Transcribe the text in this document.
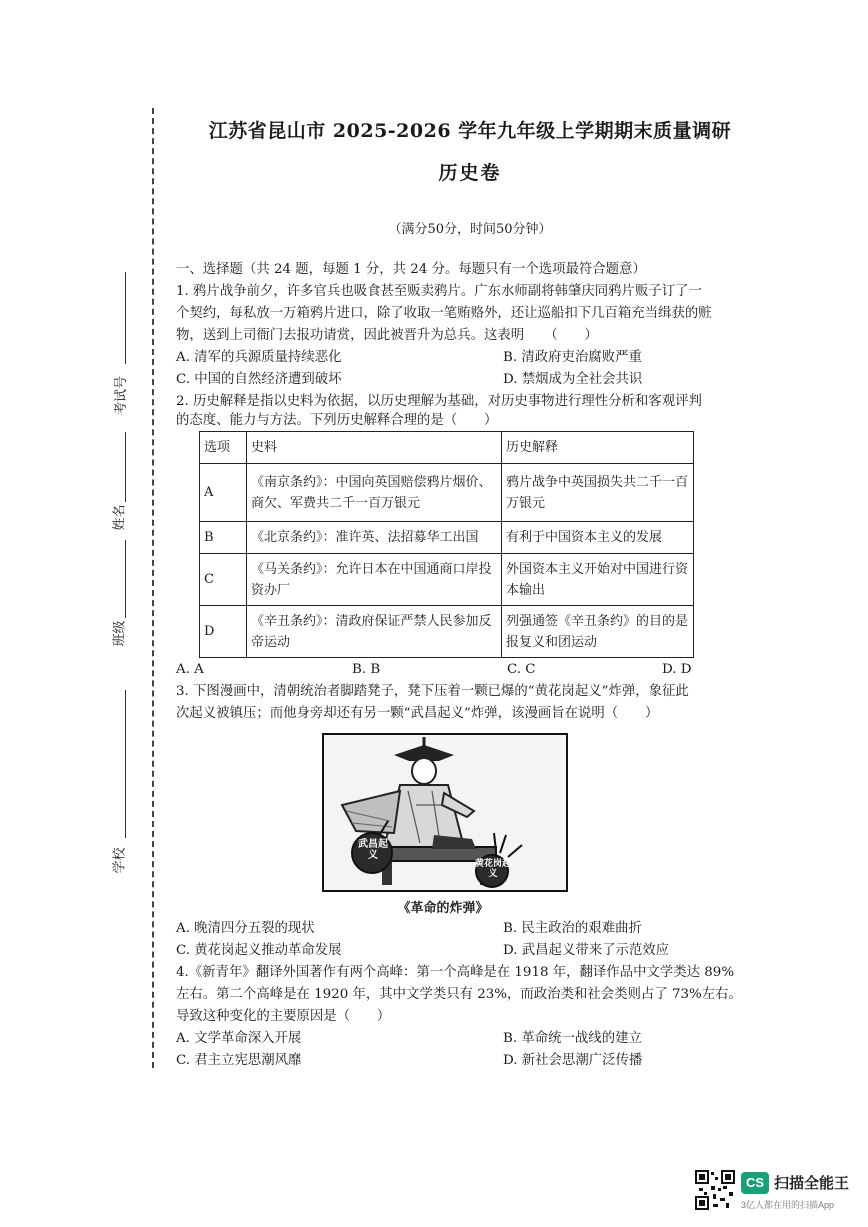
考试号
姓名
班级
学校
江苏省昆山市 2025-2026 学年九年级上学期期末质量调研
历史卷
（满分50分，时间50分钟）
一、选择题（共 24 题，每题 1 分，共 24 分。每题只有一个选项最符合题意）
1. 鸦片战争前夕，许多官兵也吸食甚至贩卖鸦片。广东水师副将韩肇庆同鸦片贩子订了一
个契约，每私放一万箱鸦片进口，除了收取一笔贿赂外，还让巡船扣下几百箱充当缉获的赃
物，送到上司衙门去报功请赏，因此被晋升为总兵。这表明　　（　　）
A. 清军的兵源质量持续恶化	B. 清政府吏治腐败严重
C. 中国的自然经济遭到破坏	D. 禁烟成为全社会共识
2. 历史解释是指以史料为依据，以历史理解为基础，对历史事物进行理性分析和客观评判
的态度、能力与方法。下列历史解释合理的是（　　）
选项	史料	历史解释
A	《南京条约》：中国向英国赔偿鸦片烟价、商欠、军费共二千一百万银元	鸦片战争中英国损失共二千一百万银元
B	《北京条约》：准许英、法招募华工出国	有利于中国资本主义的发展
C	《马关条约》：允许日本在中国通商口岸投资办厂	外国资本主义开始对中国进行资本输出
D	《辛丑条约》：清政府保证严禁人民参加反帝运动	列强通签《辛丑条约》的目的是报复义和团运动
A. A	B. B	C. C	D. D
3. 下图漫画中，清朝统治者脚踏凳子，凳下压着一颗已爆的“黄花岗起义”炸弹，象征此
次起义被镇压；而他身旁却还有另一颗“武昌起义”炸弹，该漫画旨在说明（　　）
武昌起义
黄花岗起义
《革命的炸弹》
A. 晚清四分五裂的现状	B. 民主政治的艰难曲折
C. 黄花岗起义推动革命发展	D. 武昌起义带来了示范效应
4.《新青年》翻译外国著作有两个高峰：第一个高峰是在 1918 年，翻译作品中文学类达 89%
左右。第二个高峰是在 1920 年，其中文学类只有 23%，而政治类和社会类则占了 73%左右。
导致这种变化的主要原因是（　　）
A. 文学革命深入开展	B. 革命统一战线的建立
C. 君主立宪思潮风靡	D. 新社会思潮广泛传播
CS 扫描全能王
3亿人都在用的扫描App
